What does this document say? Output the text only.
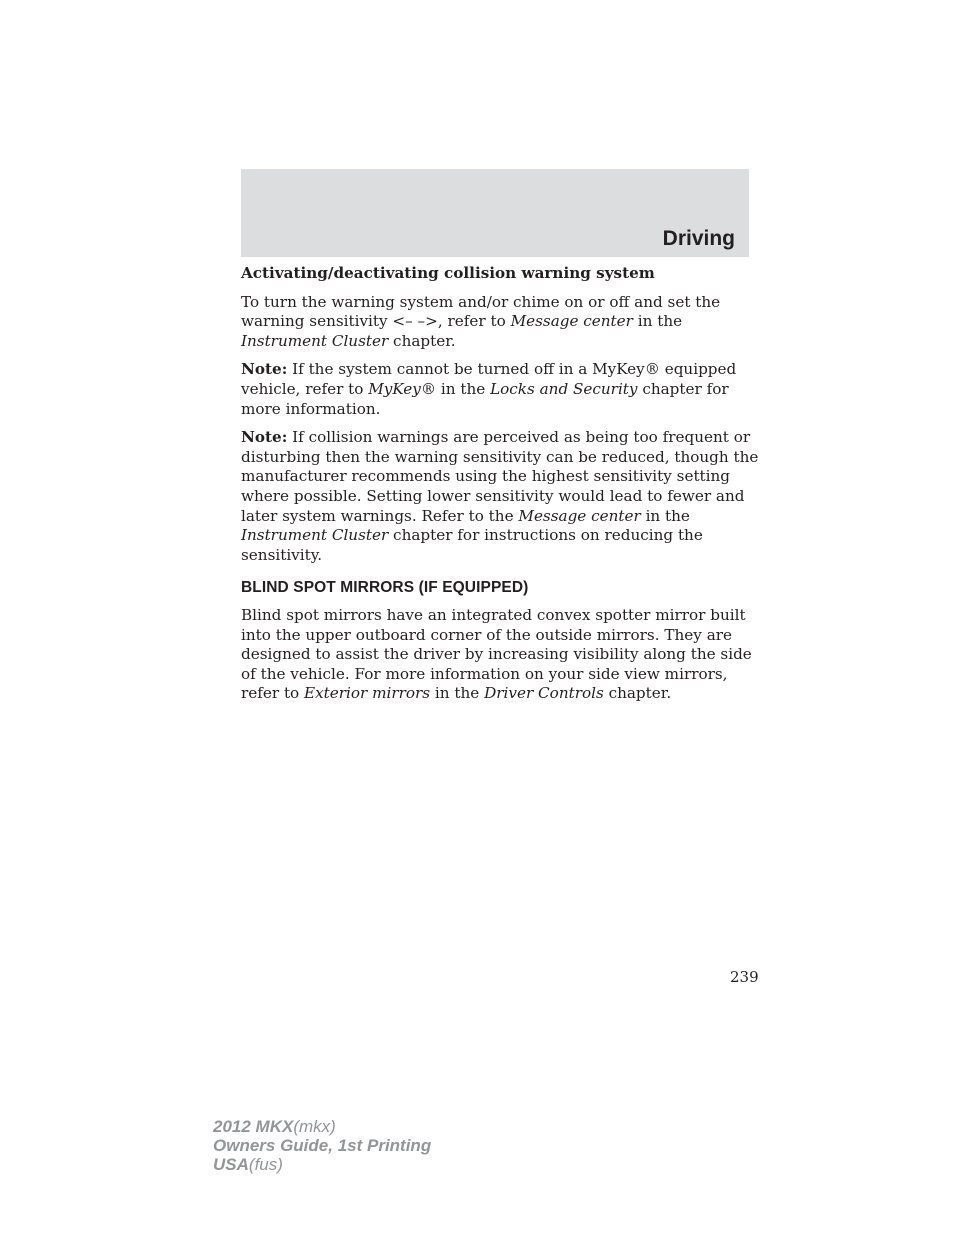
Driving

Activating/deactivating collision warning system

To turn the warning system and/or chime on or off and set the warning sensitivity <– –>, refer to Message center in the Instrument Cluster chapter.

Note: If the system cannot be turned off in a MyKey® equipped vehicle, refer to MyKey® in the Locks and Security chapter for more information.

Note: If collision warnings are perceived as being too frequent or disturbing then the warning sensitivity can be reduced, though the manufacturer recommends using the highest sensitivity setting where possible. Setting lower sensitivity would lead to fewer and later system warnings. Refer to the Message center in the Instrument Cluster chapter for instructions on reducing the sensitivity.

BLIND SPOT MIRRORS (IF EQUIPPED)

Blind spot mirrors have an integrated convex spotter mirror built into the upper outboard corner of the outside mirrors. They are designed to assist the driver by increasing visibility along the side of the vehicle. For more information on your side view mirrors, refer to Exterior mirrors in the Driver Controls chapter.

239
2012 MKX(mkx)
Owners Guide, 1st Printing
USA(fus)
